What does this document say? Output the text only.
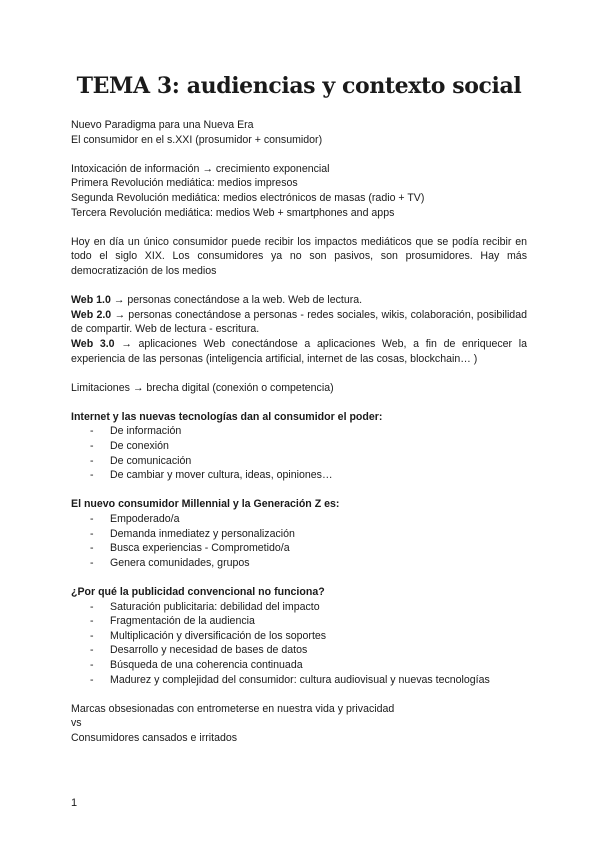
TEMA 3: audiencias y contexto social

Nuevo Paradigma para una Nueva Era

El consumidor en el s.XXI (prosumidor + consumidor)

Intoxicación de información → crecimiento exponencial

Primera Revolución mediática: medios impresos

Segunda Revolución mediática: medios electrónicos de masas (radio + TV)

Tercera Revolución mediática: medios Web + smartphones and apps

Hoy en día un único consumidor puede recibir los impactos mediáticos que se podía recibir en todo el siglo XIX. Los consumidores ya no son pasivos, son prosumidores. Hay más democratización de los medios

Web 1.0 → personas conectándose a la web. Web de lectura.

Web 2.0 → personas conectándose a personas - redes sociales, wikis, colaboración, posibilidad de compartir. Web de lectura - escritura.

Web 3.0 → aplicaciones Web conectándose a aplicaciones Web, a fin de enriquecer la experiencia de las personas (inteligencia artificial, internet de las cosas, blockchain… )

Limitaciones → brecha digital (conexión o competencia)

Internet y las nuevas tecnologías dan al consumidor el poder:

- De información
- De conexión
- De comunicación
- De cambiar y mover cultura, ideas, opiniones…

El nuevo consumidor Millennial y la Generación Z es:

- Empoderado/a
- Demanda inmediatez y personalización
- Busca experiencias - Comprometido/a
- Genera comunidades, grupos

¿Por qué la publicidad convencional no funciona?

- Saturación publicitaria: debilidad del impacto
- Fragmentación de la audiencia
- Multiplicación y diversificación de los soportes
- Desarrollo y necesidad de bases de datos
- Búsqueda de una coherencia continuada
- Madurez y complejidad del consumidor: cultura audiovisual y nuevas tecnologías

Marcas obsesionadas con entrometerse en nuestra vida y privacidad

vs

Consumidores cansados e irritados

1
